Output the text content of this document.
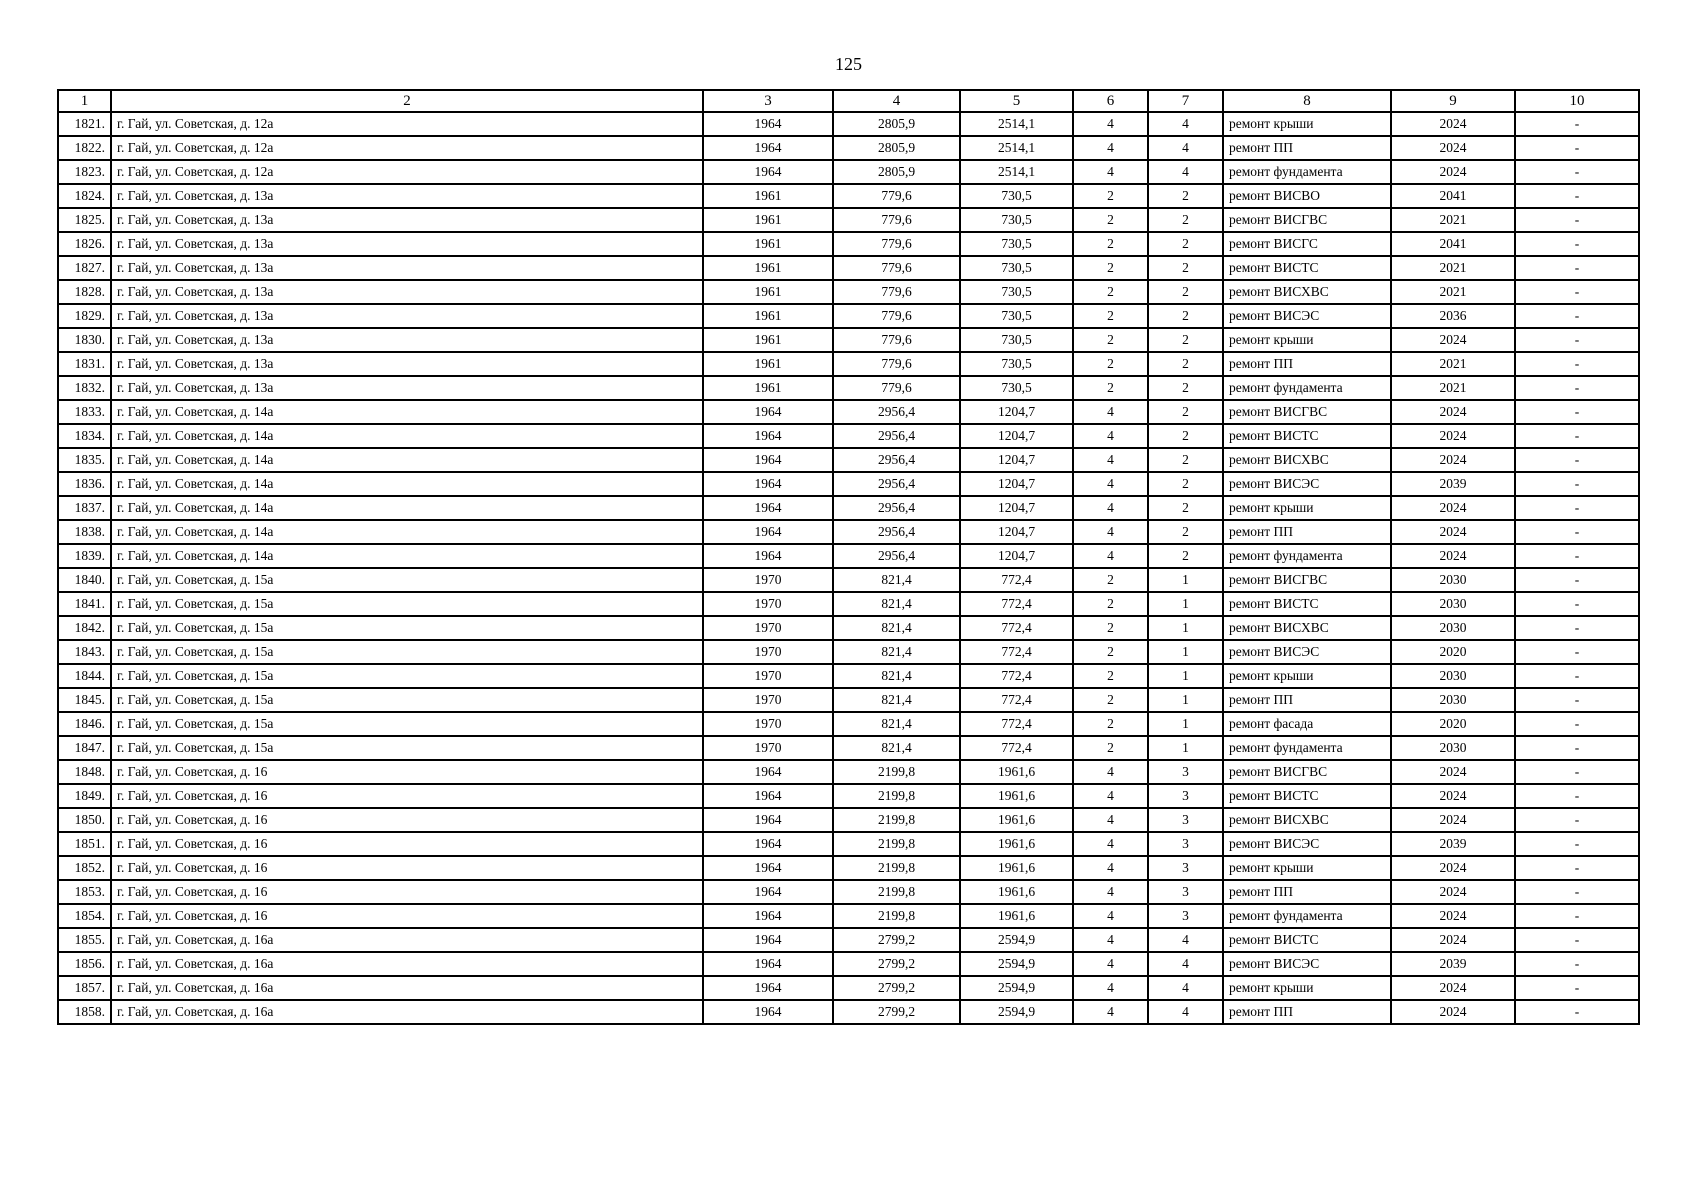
125
1	2	3	4	5	6	7	8	9	10
1821.	г. Гай, ул. Советская, д. 12а	1964	2805,9	2514,1	4	4	ремонт крыши	2024	-
1822.	г. Гай, ул. Советская, д. 12а	1964	2805,9	2514,1	4	4	ремонт ПП	2024	-
1823.	г. Гай, ул. Советская, д. 12а	1964	2805,9	2514,1	4	4	ремонт фундамента	2024	-
1824.	г. Гай, ул. Советская, д. 13а	1961	779,6	730,5	2	2	ремонт ВИСВО	2041	-
1825.	г. Гай, ул. Советская, д. 13а	1961	779,6	730,5	2	2	ремонт ВИСГВС	2021	-
1826.	г. Гай, ул. Советская, д. 13а	1961	779,6	730,5	2	2	ремонт ВИСГС	2041	-
1827.	г. Гай, ул. Советская, д. 13а	1961	779,6	730,5	2	2	ремонт ВИСТС	2021	-
1828.	г. Гай, ул. Советская, д. 13а	1961	779,6	730,5	2	2	ремонт ВИСХВС	2021	-
1829.	г. Гай, ул. Советская, д. 13а	1961	779,6	730,5	2	2	ремонт ВИСЭС	2036	-
1830.	г. Гай, ул. Советская, д. 13а	1961	779,6	730,5	2	2	ремонт крыши	2024	-
1831.	г. Гай, ул. Советская, д. 13а	1961	779,6	730,5	2	2	ремонт ПП	2021	-
1832.	г. Гай, ул. Советская, д. 13а	1961	779,6	730,5	2	2	ремонт фундамента	2021	-
1833.	г. Гай, ул. Советская, д. 14а	1964	2956,4	1204,7	4	2	ремонт ВИСГВС	2024	-
1834.	г. Гай, ул. Советская, д. 14а	1964	2956,4	1204,7	4	2	ремонт ВИСТС	2024	-
1835.	г. Гай, ул. Советская, д. 14а	1964	2956,4	1204,7	4	2	ремонт ВИСХВС	2024	-
1836.	г. Гай, ул. Советская, д. 14а	1964	2956,4	1204,7	4	2	ремонт ВИСЭС	2039	-
1837.	г. Гай, ул. Советская, д. 14а	1964	2956,4	1204,7	4	2	ремонт крыши	2024	-
1838.	г. Гай, ул. Советская, д. 14а	1964	2956,4	1204,7	4	2	ремонт ПП	2024	-
1839.	г. Гай, ул. Советская, д. 14а	1964	2956,4	1204,7	4	2	ремонт фундамента	2024	-
1840.	г. Гай, ул. Советская, д. 15а	1970	821,4	772,4	2	1	ремонт ВИСГВС	2030	-
1841.	г. Гай, ул. Советская, д. 15а	1970	821,4	772,4	2	1	ремонт ВИСТС	2030	-
1842.	г. Гай, ул. Советская, д. 15а	1970	821,4	772,4	2	1	ремонт ВИСХВС	2030	-
1843.	г. Гай, ул. Советская, д. 15а	1970	821,4	772,4	2	1	ремонт ВИСЭС	2020	-
1844.	г. Гай, ул. Советская, д. 15а	1970	821,4	772,4	2	1	ремонт крыши	2030	-
1845.	г. Гай, ул. Советская, д. 15а	1970	821,4	772,4	2	1	ремонт ПП	2030	-
1846.	г. Гай, ул. Советская, д. 15а	1970	821,4	772,4	2	1	ремонт фасада	2020	-
1847.	г. Гай, ул. Советская, д. 15а	1970	821,4	772,4	2	1	ремонт фундамента	2030	-
1848.	г. Гай, ул. Советская, д. 16	1964	2199,8	1961,6	4	3	ремонт ВИСГВС	2024	-
1849.	г. Гай, ул. Советская, д. 16	1964	2199,8	1961,6	4	3	ремонт ВИСТС	2024	-
1850.	г. Гай, ул. Советская, д. 16	1964	2199,8	1961,6	4	3	ремонт ВИСХВС	2024	-
1851.	г. Гай, ул. Советская, д. 16	1964	2199,8	1961,6	4	3	ремонт ВИСЭС	2039	-
1852.	г. Гай, ул. Советская, д. 16	1964	2199,8	1961,6	4	3	ремонт крыши	2024	-
1853.	г. Гай, ул. Советская, д. 16	1964	2199,8	1961,6	4	3	ремонт ПП	2024	-
1854.	г. Гай, ул. Советская, д. 16	1964	2199,8	1961,6	4	3	ремонт фундамента	2024	-
1855.	г. Гай, ул. Советская, д. 16а	1964	2799,2	2594,9	4	4	ремонт ВИСТС	2024	-
1856.	г. Гай, ул. Советская, д. 16а	1964	2799,2	2594,9	4	4	ремонт ВИСЭС	2039	-
1857.	г. Гай, ул. Советская, д. 16а	1964	2799,2	2594,9	4	4	ремонт крыши	2024	-
1858.	г. Гай, ул. Советская, д. 16а	1964	2799,2	2594,9	4	4	ремонт ПП	2024	-
